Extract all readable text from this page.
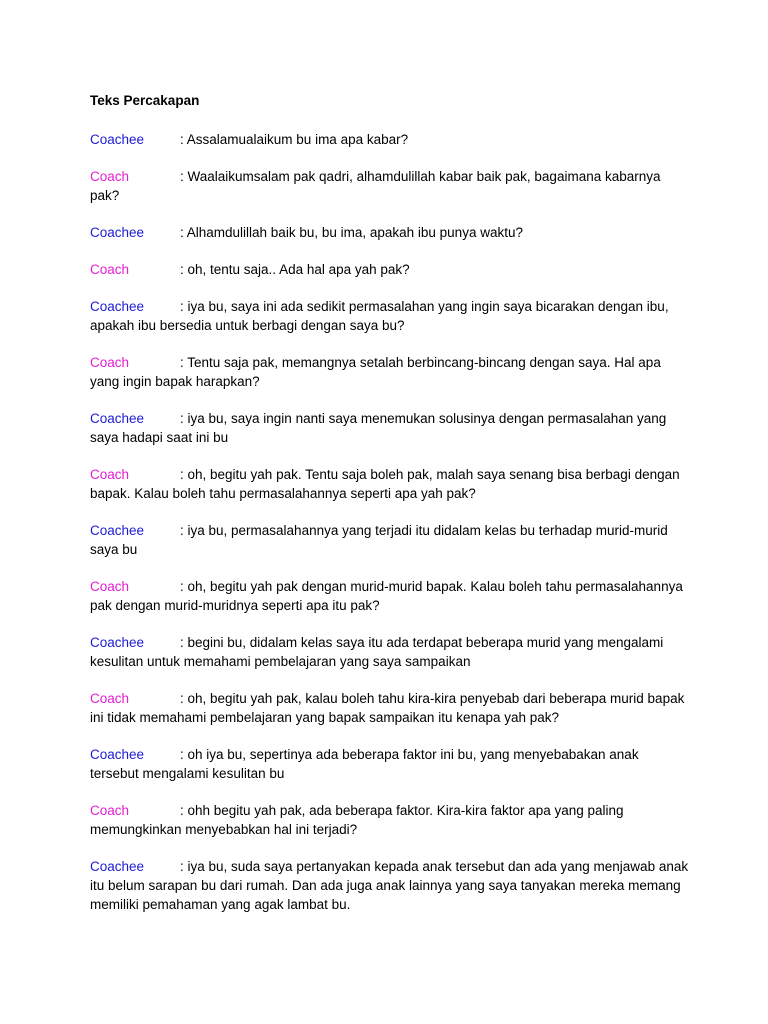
Teks Percakapan

Coachee	: Assalamualaikum bu ima apa kabar?

Coach	: Waalaikumsalam pak qadri, alhamdulillah kabar baik pak, bagaimana kabarnya pak?

Coachee	: Alhamdulillah baik bu, bu ima, apakah ibu punya waktu?

Coach	: oh, tentu saja.. Ada hal apa yah pak?

Coachee	: iya bu, saya ini ada sedikit permasalahan yang ingin saya bicarakan dengan ibu, apakah ibu bersedia untuk berbagi dengan saya bu?

Coach	: Tentu saja pak, memangnya setalah berbincang-bincang dengan saya. Hal apa yang ingin bapak harapkan?

Coachee	: iya bu, saya ingin nanti saya menemukan solusinya dengan permasalahan yang saya hadapi saat ini bu

Coach	: oh, begitu yah pak. Tentu saja boleh pak, malah saya senang bisa berbagi dengan bapak. Kalau boleh tahu permasalahannya seperti apa yah pak?

Coachee	: iya bu, permasalahannya yang terjadi itu didalam kelas bu terhadap murid-murid saya bu

Coach	: oh, begitu yah pak dengan murid-murid bapak. Kalau boleh tahu permasalahannya pak dengan murid-muridnya seperti apa itu pak?

Coachee	: begini bu, didalam kelas saya itu ada terdapat beberapa murid yang mengalami kesulitan untuk memahami pembelajaran yang saya sampaikan

Coach	: oh, begitu yah pak, kalau boleh tahu kira-kira penyebab dari beberapa murid bapak ini tidak memahami pembelajaran yang bapak sampaikan itu kenapa yah pak?

Coachee	: oh iya bu, sepertinya ada beberapa faktor ini bu, yang menyebabakan anak tersebut mengalami kesulitan bu

Coach	: ohh begitu yah pak, ada beberapa faktor. Kira-kira faktor apa yang paling memungkinkan menyebabkan hal ini terjadi?

Coachee	: iya bu, suda saya pertanyakan kepada anak tersebut dan ada yang menjawab anak itu belum sarapan bu dari rumah. Dan ada juga anak lainnya yang saya tanyakan mereka memang memiliki pemahaman yang agak lambat bu.
